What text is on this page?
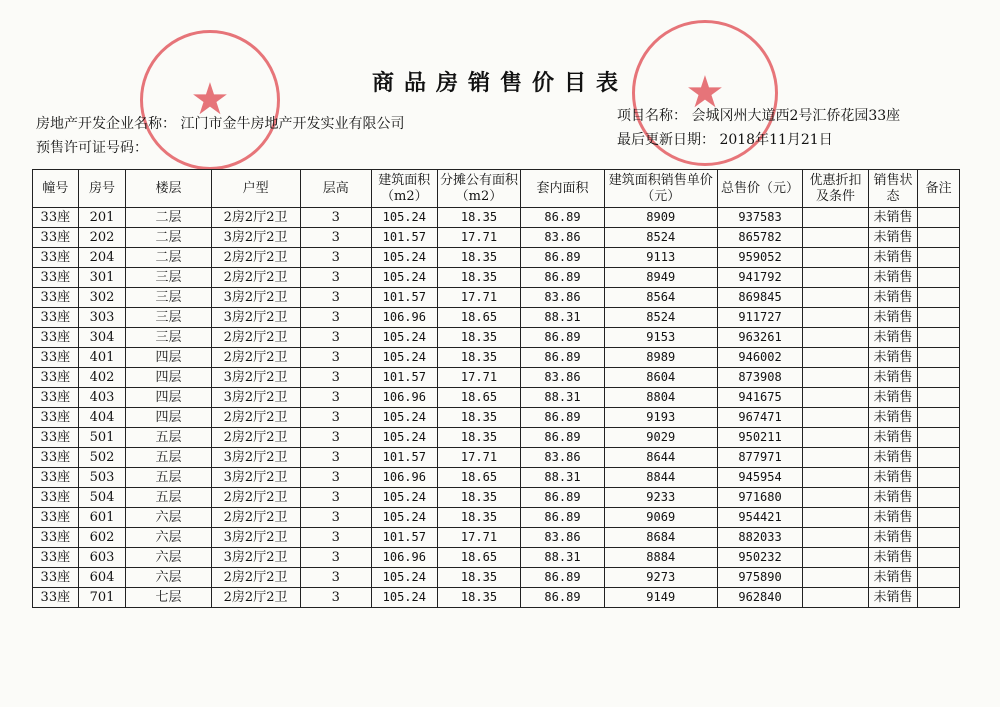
★	★
商品房销售价目表
房地产开发企业名称： 江门市金牛房地产开发实业有限公司
预售许可证号码：
项目名称： 会城冈州大道西2号汇侨花园33座
最后更新日期： 2018年11月21日
幢号	房号	楼层	户型	层高	建筑面积（m2）	分摊公有面积（m2）	套内面积	建筑面积销售单价（元）	总售价（元）	优惠折扣及条件	销售状态	备注
33座	201	二层	2房2厅2卫	3	105.24	18.35	86.89	8909	937583		未销售	
33座	202	二层	3房2厅2卫	3	101.57	17.71	83.86	8524	865782		未销售	
33座	204	二层	2房2厅2卫	3	105.24	18.35	86.89	9113	959052		未销售	
33座	301	三层	2房2厅2卫	3	105.24	18.35	86.89	8949	941792		未销售	
33座	302	三层	3房2厅2卫	3	101.57	17.71	83.86	8564	869845		未销售	
33座	303	三层	3房2厅2卫	3	106.96	18.65	88.31	8524	911727		未销售	
33座	304	三层	2房2厅2卫	3	105.24	18.35	86.89	9153	963261		未销售	
33座	401	四层	2房2厅2卫	3	105.24	18.35	86.89	8989	946002		未销售	
33座	402	四层	3房2厅2卫	3	101.57	17.71	83.86	8604	873908		未销售	
33座	403	四层	3房2厅2卫	3	106.96	18.65	88.31	8804	941675		未销售	
33座	404	四层	2房2厅2卫	3	105.24	18.35	86.89	9193	967471		未销售	
33座	501	五层	2房2厅2卫	3	105.24	18.35	86.89	9029	950211		未销售	
33座	502	五层	3房2厅2卫	3	101.57	17.71	83.86	8644	877971		未销售	
33座	503	五层	3房2厅2卫	3	106.96	18.65	88.31	8844	945954		未销售	
33座	504	五层	2房2厅2卫	3	105.24	18.35	86.89	9233	971680		未销售	
33座	601	六层	2房2厅2卫	3	105.24	18.35	86.89	9069	954421		未销售	
33座	602	六层	3房2厅2卫	3	101.57	17.71	83.86	8684	882033		未销售	
33座	603	六层	3房2厅2卫	3	106.96	18.65	88.31	8884	950232		未销售	
33座	604	六层	2房2厅2卫	3	105.24	18.35	86.89	9273	975890		未销售	
33座	701	七层	2房2厅2卫	3	105.24	18.35	86.89	9149	962840		未销售	
